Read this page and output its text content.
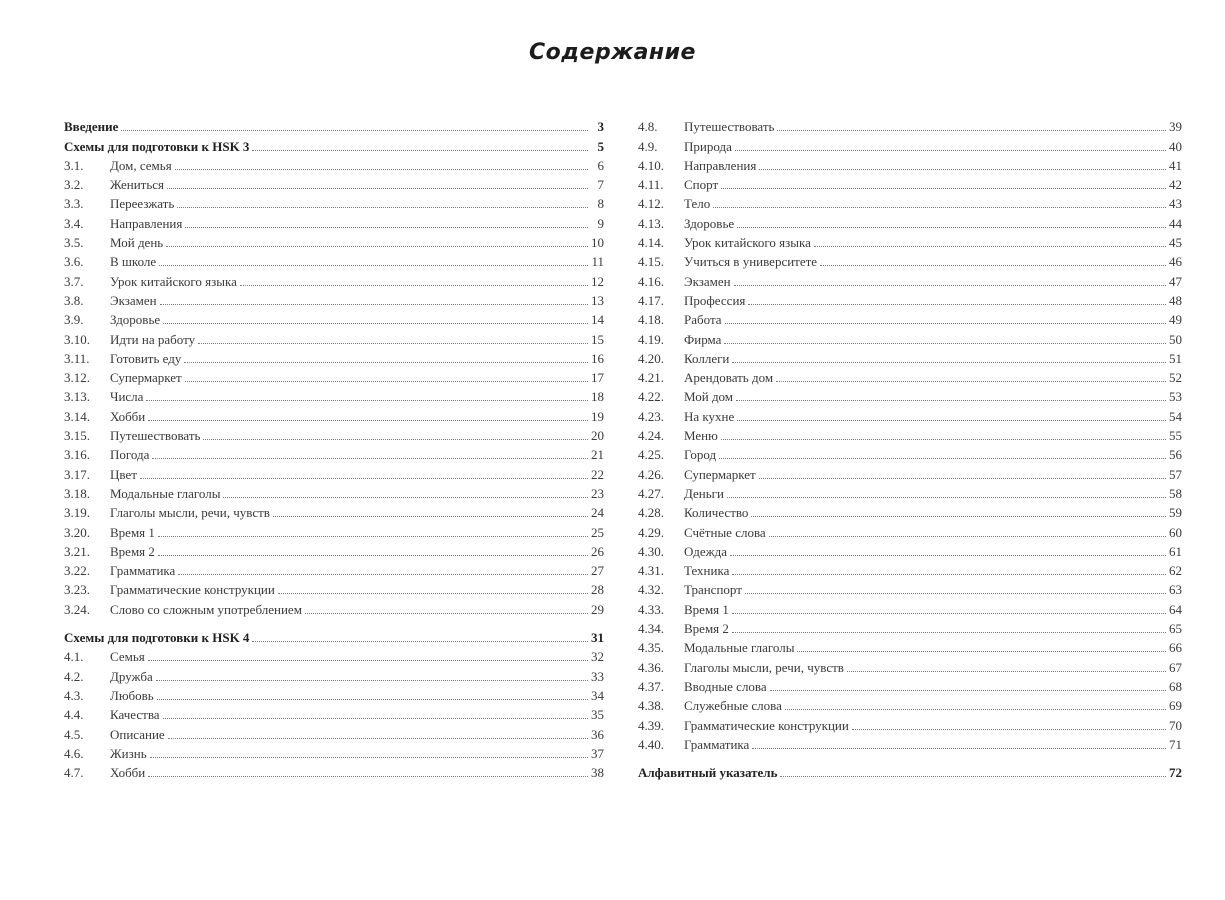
Содержание
Введение	3
Схемы для подготовки к HSK 3	5
3.1.	Дом, семья	6
3.2.	Жениться	7
3.3.	Переезжать	8
3.4.	Направления	9
3.5.	Мой день	10
3.6.	В школе	11
3.7.	Урок китайского языка	12
3.8.	Экзамен	13
3.9.	Здоровье	14
3.10.	Идти на работу	15
3.11.	Готовить еду	16
3.12.	Супермаркет	17
3.13.	Числа	18
3.14.	Хобби	19
3.15.	Путешествовать	20
3.16.	Погода	21
3.17.	Цвет	22
3.18.	Модальные глаголы	23
3.19.	Глаголы мысли, речи, чувств	24
3.20.	Время 1	25
3.21.	Время 2	26
3.22.	Грамматика	27
3.23.	Грамматические конструкции	28
3.24.	Слово со сложным употреблением	29
Схемы для подготовки к HSK 4	31
4.1.	Семья	32
4.2.	Дружба	33
4.3.	Любовь	34
4.4.	Качества	35
4.5.	Описание	36
4.6.	Жизнь	37
4.7.	Хобби	38
4.8.	Путешествовать	39
4.9.	Природа	40
4.10.	Направления	41
4.11.	Спорт	42
4.12.	Тело	43
4.13.	Здоровье	44
4.14.	Урок китайского языка	45
4.15.	Учиться в университете	46
4.16.	Экзамен	47
4.17.	Профессия	48
4.18.	Работа	49
4.19.	Фирма	50
4.20.	Коллеги	51
4.21.	Арендовать дом	52
4.22.	Мой дом	53
4.23.	На кухне	54
4.24.	Меню	55
4.25.	Город	56
4.26.	Супермаркет	57
4.27.	Деньги	58
4.28.	Количество	59
4.29.	Счётные слова	60
4.30.	Одежда	61
4.31.	Техника	62
4.32.	Транспорт	63
4.33.	Время 1	64
4.34.	Время 2	65
4.35.	Модальные глаголы	66
4.36.	Глаголы мысли, речи, чувств	67
4.37.	Вводные слова	68
4.38.	Служебные слова	69
4.39.	Грамматические конструкции	70
4.40.	Грамматика	71
Алфавитный указатель	72
